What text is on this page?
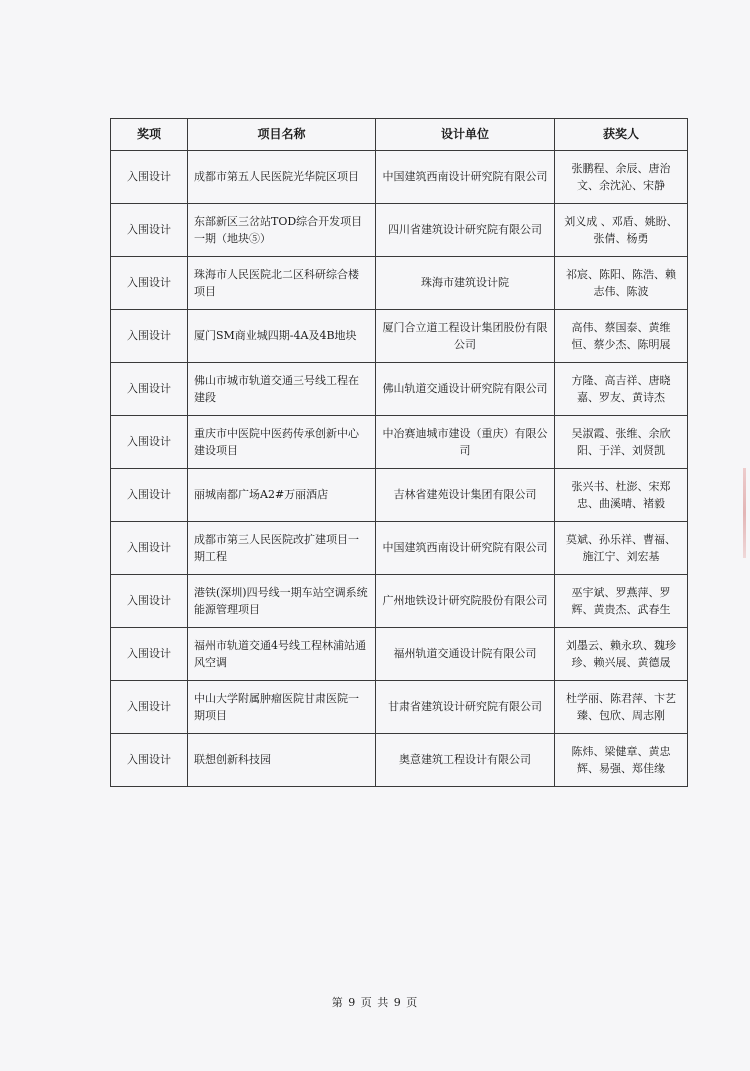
奖项	项目名称	设计单位	获奖人
入围设计	成都市第五人民医院光华院区项目	中国建筑西南设计研究院有限公司	张鹏程、余辰、唐治文、余沈沁、宋静
入围设计	东部新区三岔站TOD综合开发项目一期（地块⑤）	四川省建筑设计研究院有限公司	刘义成 、邓盾、姚盼、张倩、杨勇
入围设计	珠海市人民医院北二区科研综合楼项目	珠海市建筑设计院	祁宸、陈阳、陈浩、赖志伟、陈波
入围设计	厦门SM商业城四期-4A及4B地块	厦门合立道工程设计集团股份有限公司	高伟、蔡国泰、黄维恒、蔡少杰、陈明展
入围设计	佛山市城市轨道交通三号线工程在建段	佛山轨道交通设计研究院有限公司	方隆、高吉祥、唐晓嘉、罗友、黄诗杰
入围设计	重庆市中医院中医药传承创新中心建设项目	中冶赛迪城市建设（重庆）有限公司	吴淑霞、张维、余欣阳、于洋、刘贤凯
入围设计	丽城南都广场A2#万丽酒店	吉林省建苑设计集团有限公司	张兴书、杜澎、宋郑忠、曲溪晴、褚毅
入围设计	成都市第三人民医院改扩建项目一期工程	中国建筑西南设计研究院有限公司	莫斌、孙乐祥、曹福、施江宁、刘宏基
入围设计	港铁(深圳)四号线一期车站空调系统能源管理项目	广州地铁设计研究院股份有限公司	巫宇斌、罗燕萍、罗辉、黄贵杰、武春生
入围设计	福州市轨道交通4号线工程林浦站通风空调	福州轨道交通设计院有限公司	刘墨云、赖永玖、魏珍珍、赖兴展、黄德晟
入围设计	中山大学附属肿瘤医院甘肃医院一期项目	甘肃省建筑设计研究院有限公司	杜学丽、陈君萍、卞艺臻、包欣、周志刚
入围设计	联想创新科技园	奥意建筑工程设计有限公司	陈炜、梁健章、黄忠辉、易强、郑佳缘
第 9 页 共 9 页
